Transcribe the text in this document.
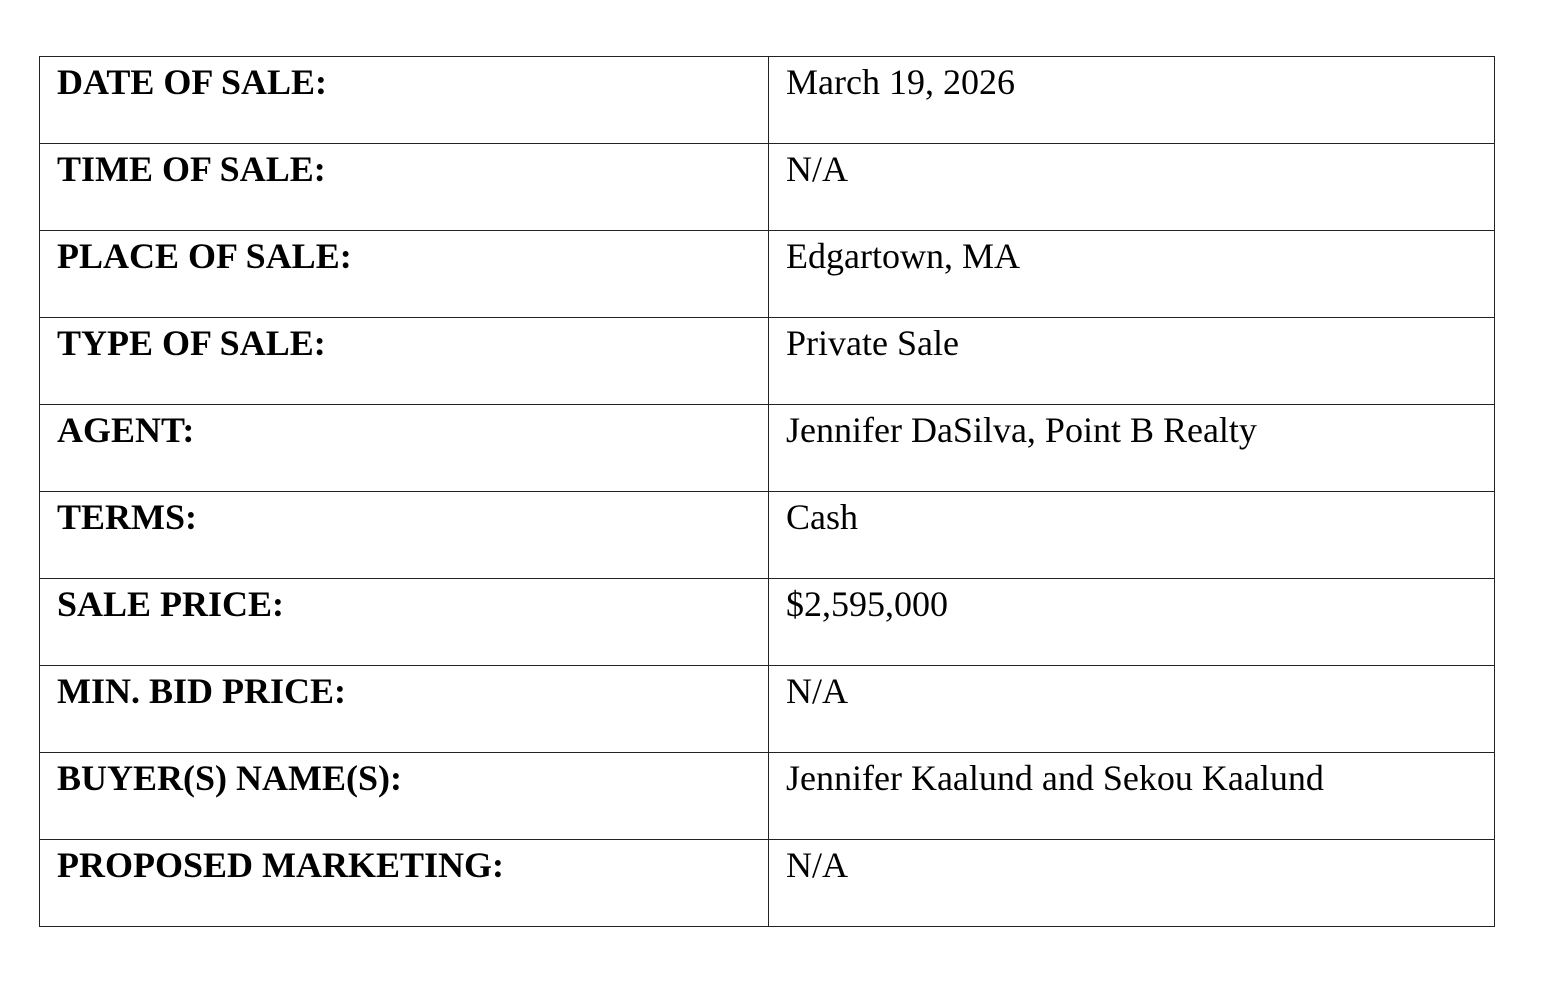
DATE OF SALE:	March 19, 2026
TIME OF SALE:	N/A
PLACE OF SALE:	Edgartown, MA
TYPE OF SALE:	Private Sale
AGENT:	Jennifer DaSilva, Point B Realty
TERMS:	Cash
SALE PRICE:	$2,595,000
MIN. BID PRICE:	N/A
BUYER(S) NAME(S):	Jennifer Kaalund and Sekou Kaalund
PROPOSED MARKETING:	N/A
